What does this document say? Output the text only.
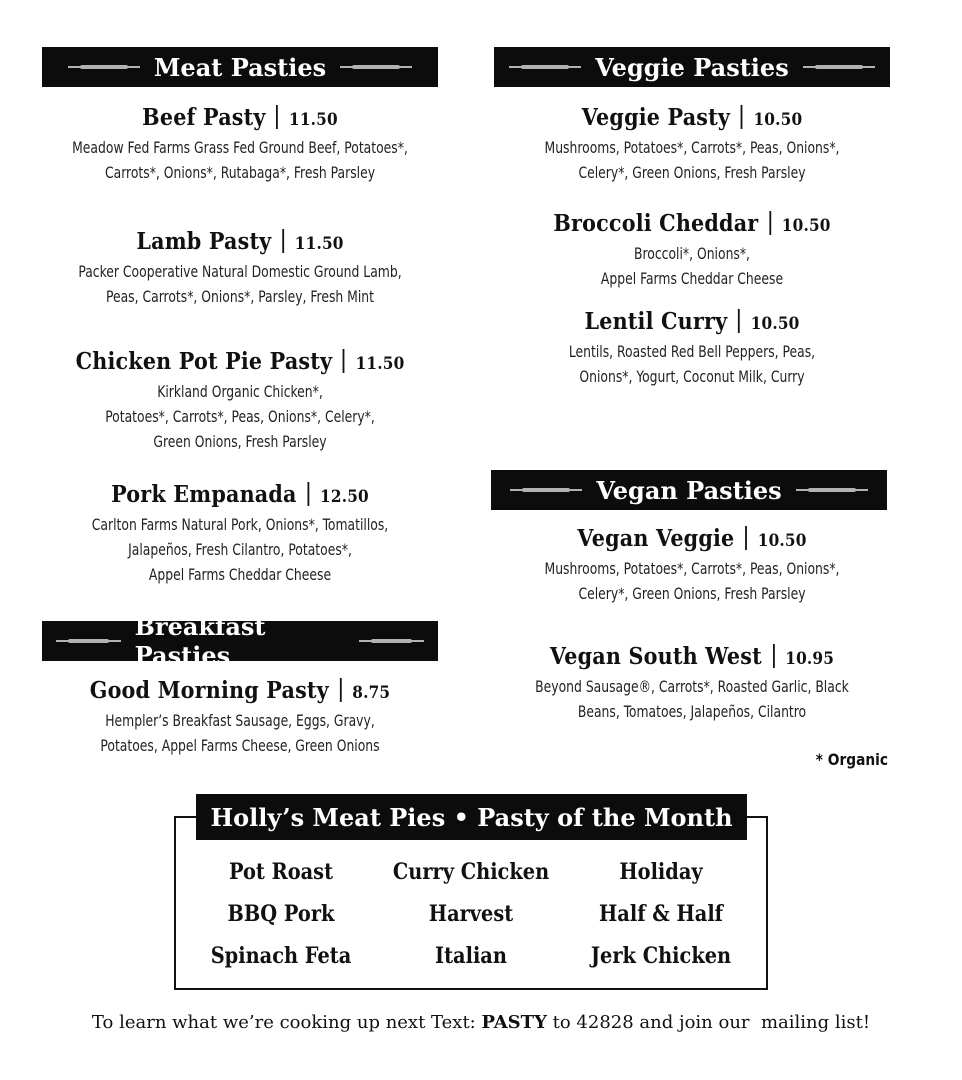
Meat Pasties	Veggie Pasties
Breakfast Pasties
Vegan Pasties
Beef Pasty 11.50
Meadow Fed Farms Grass Fed Ground Beef, Potatoes*,
Carrots*, Onions*, Rutabaga*, Fresh Parsley
Lamb Pasty 11.50
Packer Cooperative Natural Domestic Ground Lamb,
Peas, Carrots*, Onions*, Parsley, Fresh Mint
Chicken Pot Pie Pasty 11.50
Kirkland Organic Chicken*,
Potatoes*, Carrots*, Peas, Onions*, Celery*,
Green Onions, Fresh Parsley
Pork Empanada 12.50
Carlton Farms Natural Pork, Onions*, Tomatillos,
Jalapeños, Fresh Cilantro, Potatoes*,
Appel Farms Cheddar Cheese
Good Morning Pasty 8.75
Hempler’s Breakfast Sausage, Eggs, Gravy,
Potatoes, Appel Farms Cheese, Green Onions
Veggie Pasty 10.50
Mushrooms, Potatoes*, Carrots*, Peas, Onions*,
Celery*, Green Onions, Fresh Parsley
Broccoli Cheddar 10.50
Broccoli*, Onions*,
Appel Farms Cheddar Cheese
Lentil Curry 10.50
Lentils, Roasted Red Bell Peppers, Peas,
Onions*, Yogurt, Coconut Milk, Curry
Vegan Veggie 10.50
Mushrooms, Potatoes*, Carrots*, Peas, Onions*,
Celery*, Green Onions, Fresh Parsley
Vegan South West 10.95
Beyond Sausage®, Carrots*, Roasted Garlic, Black
Beans, Tomatoes, Jalapeños, Cilantro
* Organic
Holly’s Meat Pies • Pasty of the Month
Pot Roast	Curry Chicken	Holiday
BBQ Pork	Harvest	Half & Half
Spinach Feta	Italian	Jerk Chicken
To learn what we’re cooking up next Text: PASTY to 42828 and join our  mailing list!
